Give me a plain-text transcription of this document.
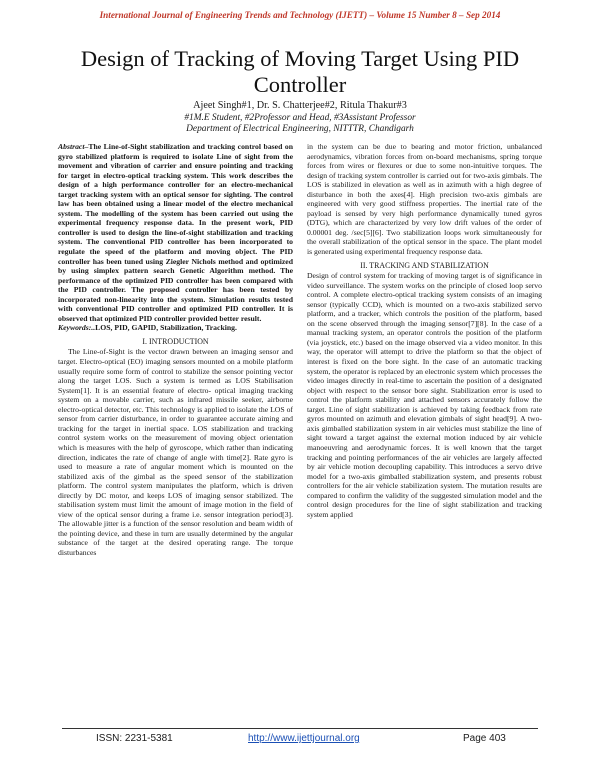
International Journal of Engineering Trends and Technology (IJETT) – Volume 15 Number 8 – Sep 2014
Design of Tracking of Moving Target Using PID Controller
Ajeet Singh#1, Dr. S. Chatterjee#2, Ritula Thakur#3
#1M.E Student, #2Professor and Head, #3Assistant Professor
Department of Electrical Engineering, NITTTR, Chandigarh

Abstract–The Line-of-Sight stabilization and tracking control based on gyro stabilized platform is required to isolate Line of sight from the movement and vibration of carrier and ensure pointing and tracking for target in electro-optical tracking system. This work describes the design of a high performance controller for an electro-mechanical target tracking system with an optical sensor for sighting. The control law has been obtained using a linear model of the electro mechanical system. The modelling of the system has been carried out using the experimental frequency response data. In the present work, PID controller is used to design the line-of-sight stabilization and tracking system. The conventional PID controller has been incorporated to regulate the speed of the platform and moving object. The PID controller has been tuned using Ziegler Nichols method and optimized by using simplex pattern search Genetic Algorithm method. The performance of the optimized PID controller has been compared with the PID controller. The proposed controller has been tested by incorporated non-linearity into the system. Simulation results tested with conventional PID controller and optimized PID controller. It is observed that optimized PID controller provided better result.

Keywords:..LOS, PID, GAPID, Stabilization, Tracking.

I. INTRODUCTION

The Line-of-Sight is the vector drawn between an imaging sensor and target. Electro-optical (EO) imaging sensors mounted on a mobile platform usually require some form of control to stabilize the sensor pointing vector along the target LOS. Such a system is termed as LOS Stabilisation System[1]. It is an essential feature of electro- optical imaging tracking system on a movable carrier, such as infrared missile seeker, airborne electro-optical detector, etc. This technology is applied to isolate the LOS of sensor from carrier disturbance, in order to guarantee accurate aiming and tracking for the target in inertial space. LOS stabilization and tracking control system works on the measurement of moving object orientation which is measures with the help of gyroscope, which rather than indicating direction, indicates the rate of change of angle with time[2]. Rate gyro is used to measure a rate of angular moment which is mounted on the stabilized axis of the gimbal as the speed sensor of the stabilization platform. The control system manipulates the platform, which is driven directly by DC motor, and keeps LOS of imaging sensor stabilized. The stabilisation system must limit the amount of image motion in the field of view of the optical sensor during a frame i.e. sensor integration period[3]. The allowable jitter is a function of the sensor resolution and beam width of the pointing device, and these in turn are usually determined by the angular substance of the target at the desired operating range. The torque disturbances

in the system can be due to bearing and motor friction, unbalanced aerodynamics, vibration forces from on-board mechanisms, spring torque forces from wires or flexures or due to some non-intuitive torques. The design of tracking system controller is carried out for two-axis gimbals. The LOS is stabilized in elevation as well as in azimuth with a high degree of disturbance in both the axes[4]. High precision two-axis gimbals are engineered with very good stiffness properties. The inertial rate of the payload is sensed by very high performance dynamically tuned gyros (DTG), which are characterized by very low drift values of the order of 0.00001 deg. /sec[5][6]. Two stabilization loops work simultaneously for the overall stabilization of the optical sensor in the space. The plant model is generated using experimental frequency response data.

II. TRACKING AND STABILIZATION

Design of control system for tracking of moving target is of significance in video surveillance. The system works on the principle of closed loop servo control. A complete electro-optical tracking system consists of an imaging sensor (typically CCD), which is mounted on a two-axis stabilized servo platform, and a tracker, which controls the position of the platform, based on the scene observed through the imaging sensor[7][8]. In the case of a manual tracking system, an operator controls the position of the platform (via joystick, etc.) based on the image observed via a video monitor. In this way, the operator will attempt to drive the platform so that the object of interest is fixed on the bore sight. In the case of an automatic tracking system, the operator is replaced by an electronic system which processes the video images directly in real-time to ascertain the position of a designated object with respect to the sensor bore sight. Stabilization error is used to control the platform stability and attached sensors accurately follow the target. Line of sight stabilization is achieved by taking feedback from rate gyros mounted on azimuth and elevation gimbals of sight head[9]. A two-axis gimballed stabilization system in air vehicles must stabilize the line of sight toward a target against the external motion induced by air vehicle manoeuvring and aerodynamic forces. It is well known that the target tracking and pointing performances of the air vehicles are largely affected by air vehicle motion decoupling capability. This introduces a servo drive model for a two-axis gimballed stabilization system, and presents robust controllers for the air vehicle stabilization system. The mutation results are compared to confirm the validity of the suggested simulation model and the control design procedures for the line of sight stabilization and tracking system applied

ISSN: 2231-5381	http://www.ijettjournal.org	Page 403
